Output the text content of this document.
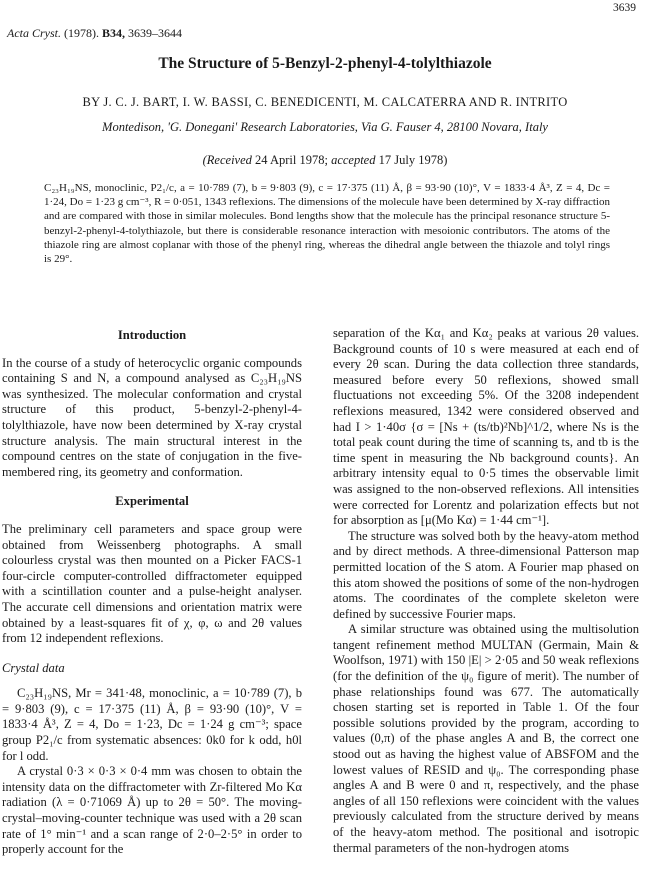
3639
Acta Cryst. (1978). B34, 3639–3644
The Structure of 5-Benzyl-2-phenyl-4-tolylthiazole
BY J. C. J. BART, I. W. BASSI, C. BENEDICENTI, M. CALCATERRA AND R. INTRITO
Montedison, 'G. Donegani' Research Laboratories, Via G. Fauser 4, 28100 Novara, Italy
(Received 24 April 1978; accepted 17 July 1978)
C₂₃H₁₉NS, monoclinic, P2₁/c, a = 10·789 (7), b = 9·803 (9), c = 17·375 (11) Å, β = 93·90 (10)°, V = 1833·4 Å³, Z = 4, Dc = 1·24, Do = 1·23 g cm⁻³, R = 0·051, 1343 reflexions. The dimensions of the molecule have been determined by X-ray diffraction and are compared with those in similar molecules. Bond lengths show that the molecule has the principal resonance structure 5-benzyl-2-phenyl-4-tolythiazole, but there is considerable resonance interaction with mesoionic contributors. The atoms of the thiazole ring are almost coplanar with those of the phenyl ring, whereas the dihedral angle between the thiazole and tolyl rings is 29°.
Introduction

In the course of a study of heterocyclic organic compounds containing S and N, a compound analysed as C₂₃H₁₉NS was synthesized. The molecular conformation and crystal structure of this product, 5-benzyl-2-phenyl-4-tolylthiazole, have now been determined by X-ray crystal structure analysis. The main structural interest in the compound centres on the state of conjugation in the five-membered ring, its geometry and conformation.

Experimental

The preliminary cell parameters and space group were obtained from Weissenberg photographs. A small colourless crystal was then mounted on a Picker FACS-1 four-circle computer-controlled diffractometer equipped with a scintillation counter and a pulse-height analyser. The accurate cell dimensions and orientation matrix were obtained by a least-squares fit of χ, φ, ω and 2θ values from 12 independent reflexions.

Crystal data

C₂₃H₁₉NS, Mr = 341·48, monoclinic, a = 10·789 (7), b = 9·803 (9), c = 17·375 (11) Å, β = 93·90 (10)°, V = 1833·4 Å³, Z = 4, Do = 1·23, Dc = 1·24 g cm⁻³; space group P2₁/c from systematic absences: 0k0 for k odd, h0l for l odd.

A crystal 0·3 × 0·3 × 0·4 mm was chosen to obtain the intensity data on the diffractometer with Zr-filtered Mo Kα radiation (λ = 0·71069 Å) up to 2θ = 50°. The moving-crystal–moving-counter technique was used with a 2θ scan rate of 1° min⁻¹ and a scan range of 2·0–2·5° in order to properly account for the

separation of the Kα₁ and Kα₂ peaks at various 2θ values. Background counts of 10 s were measured at each end of every 2θ scan. During the data collection three standards, measured before every 50 reflexions, showed small fluctuations not exceeding 5%. Of the 3208 independent reflexions measured, 1342 were considered observed and had I > 1·40σ {σ = [Ns + (ts/tb)²Nb]^1/2, where Ns is the total peak count during the time of scanning ts, and tb is the time spent in measuring the Nb background counts}. An arbitrary intensity equal to 0·5 times the observable limit was assigned to the non-observed reflexions. All intensities were corrected for Lorentz and polarization effects but not for absorption as [μ(Mo Kα) = 1·44 cm⁻¹].

The structure was solved both by the heavy-atom method and by direct methods. A three-dimensional Patterson map permitted location of the S atom. A Fourier map phased on this atom showed the positions of some of the non-hydrogen atoms. The coordinates of the complete skeleton were defined by successive Fourier maps.

A similar structure was obtained using the multisolution tangent refinement method MULTAN (Germain, Main & Woolfson, 1971) with 150 |E| > 2·05 and 50 weak reflexions (for the definition of the ψ₀ figure of merit). The number of phase relationships found was 677. The automatically chosen starting set is reported in Table 1. Of the four possible solutions provided by the program, according to values (0,π) of the phase angles A and B, the correct one stood out as having the highest value of ABSFOM and the lowest values of RESID and ψ₀. The corresponding phase angles A and B were 0 and π, respectively, and the phase angles of all 150 reflexions were coincident with the values previously calculated from the structure derived by means of the heavy-atom method. The positional and isotropic thermal parameters of the non-hydrogen atoms
